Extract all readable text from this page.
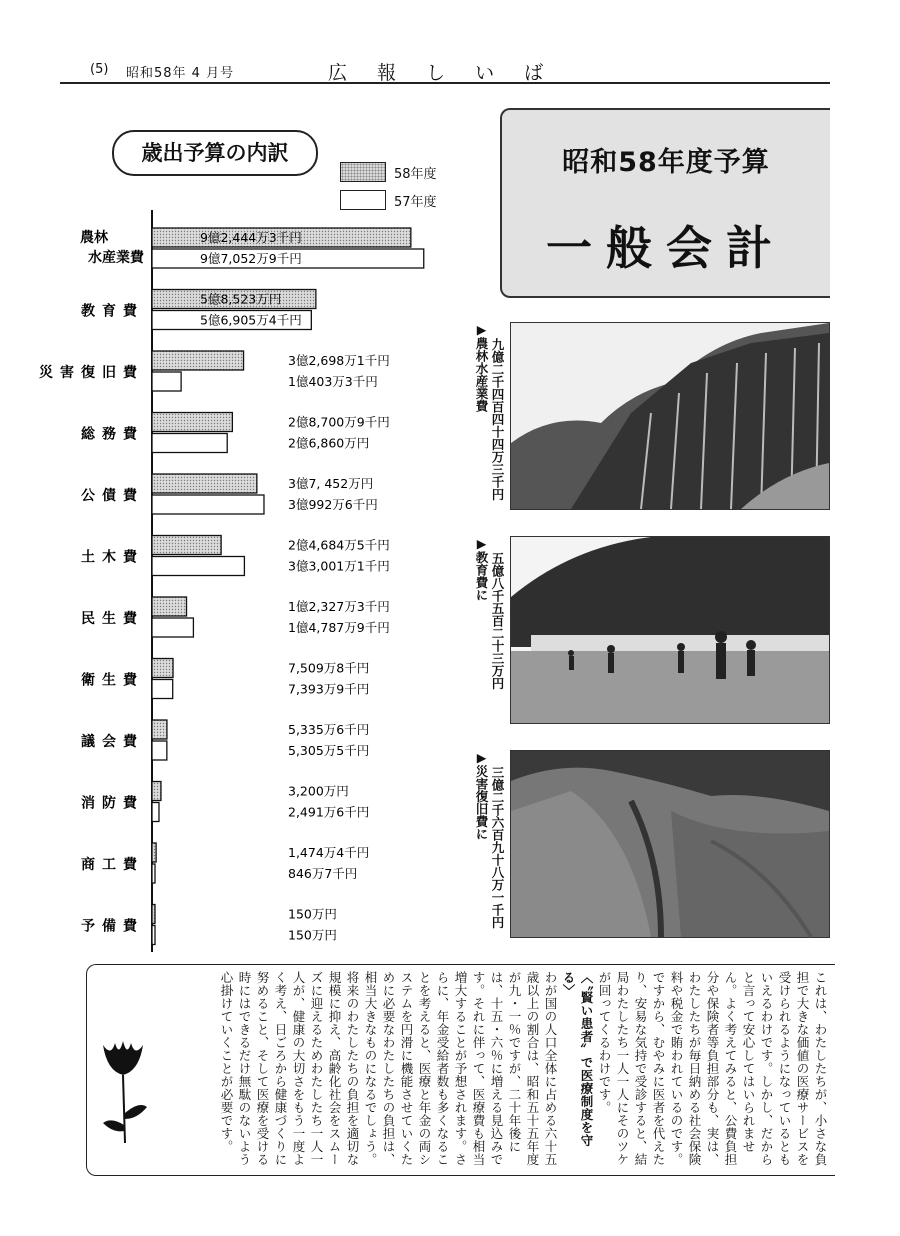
(5) 昭和58年 4 月号	広 報 し い ば
歳出予算の内訳
58年度
57年度
農林
水産業費
9億2,444万3千円
9億7,052万9千円
教育費
5億8,523万円
5億6,905万4千円
災害復旧費
3億2,698万1千円
1億403万3千円
総務費
2億8,700万9千円
2億6,860万円
公債費
3億7, 452万円
3億992万6千円
土木費
2億4,684万5千円
3億3,001万1千円
民生費
1億2,327万3千円
1億4,787万9千円
衛生費
7,509万8千円
7,393万9千円
議会費
5,335万6千円
5,305万5千円
消防費
3,200万円
2,491万6千円
商工費
1,474万4千円
846万7千円
予備費
150万円
150万円
昭和58年度予算
一般会計
▶農林水産業費 九億二千四百四十四万三千円
▶教育費に 五億八千五百二十三万円
▶災害復旧費に 三億二千六百九十八万一千円
これは、わたしたちが、小さな負担で大きな価値の医療サービスを受けられるようになっているともいえるわけです。しかし、だからと言って安心してはいられません。よく考えてみると、公費負担分や保険者等負担部分も、実は、わたしたちが毎日納める社会保険料や税金で賄われているのです。ですから、むやみに医者を代えたり、安易な気持で受診すると、結局わたしたち一人一人にそのツケが回ってくるわけです。
〈〝賢い患者〟で医療制度を守る〉
わが国の人口全体に占める六十五歳以上の割合は、昭和五十五年度が九・一％ですが、二十年後には、十五・六％に増える見込みです。それに伴って、医療費も相当増大することが予想されます。さらに、年金受給者数も多くなることを考えると、医療と年金の両システムを円滑に機能させていくために必要なわたしたちの負担は、相当大きなものになるでしょう。
将来のわたしたちの負担を適切な規模に抑え、高齢化社会をスムーズに迎えるためわたしたち一人一人が、健康の大切さをもう一度よく考え、日ごろから健康づくりに努めること、そして医療を受ける時にはできるだけ無駄のないよう心掛けていくことが必要です。
